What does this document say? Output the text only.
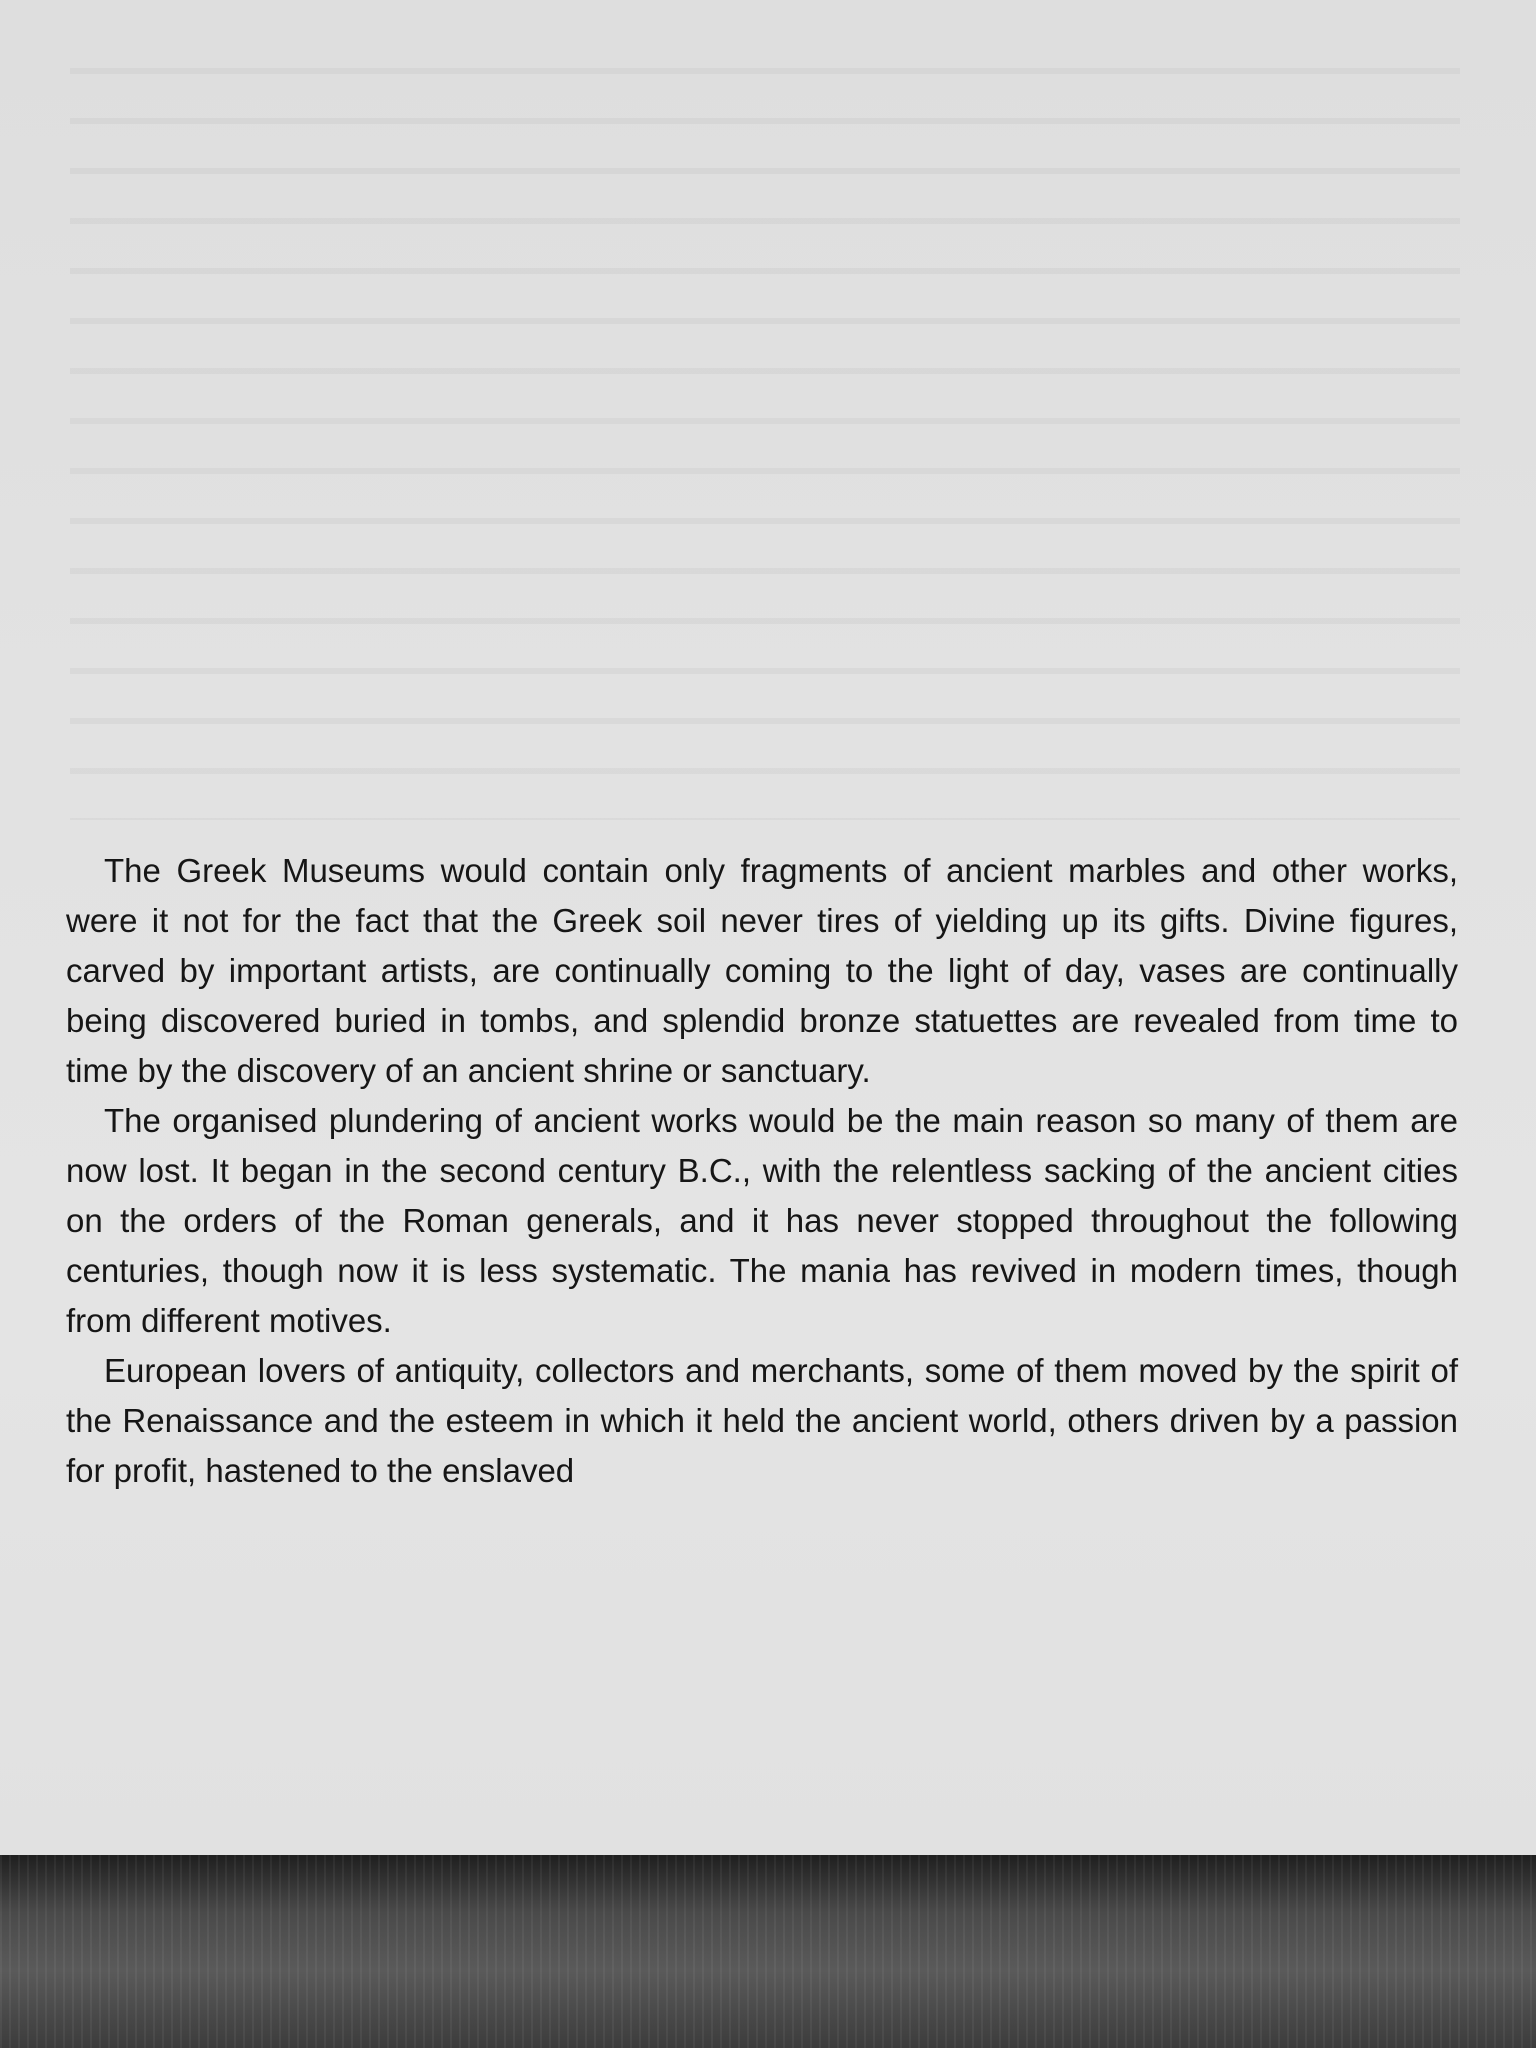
The Greek Museums would contain only fragments of ancient marbles and other works, were it not for the fact that the Greek soil never tires of yielding up its gifts. Divine figures, carved by important artists, are continually coming to the light of day, vases are continually being discovered buried in tombs, and splendid bronze statuettes are revealed from time to time by the discovery of an ancient shrine or sanctuary.

The organised plundering of ancient works would be the main reason so many of them are now lost. It began in the second century B.C., with the relentless sacking of the ancient cities on the orders of the Roman generals, and it has never stopped throughout the following centuries, though now it is less systematic. The mania has revived in modern times, though from different motives.

European lovers of antiquity, collectors and merchants, some of them moved by the spirit of the Renaissance and the esteem in which it held the ancient world, others driven by a passion for profit, hastened to the enslaved
